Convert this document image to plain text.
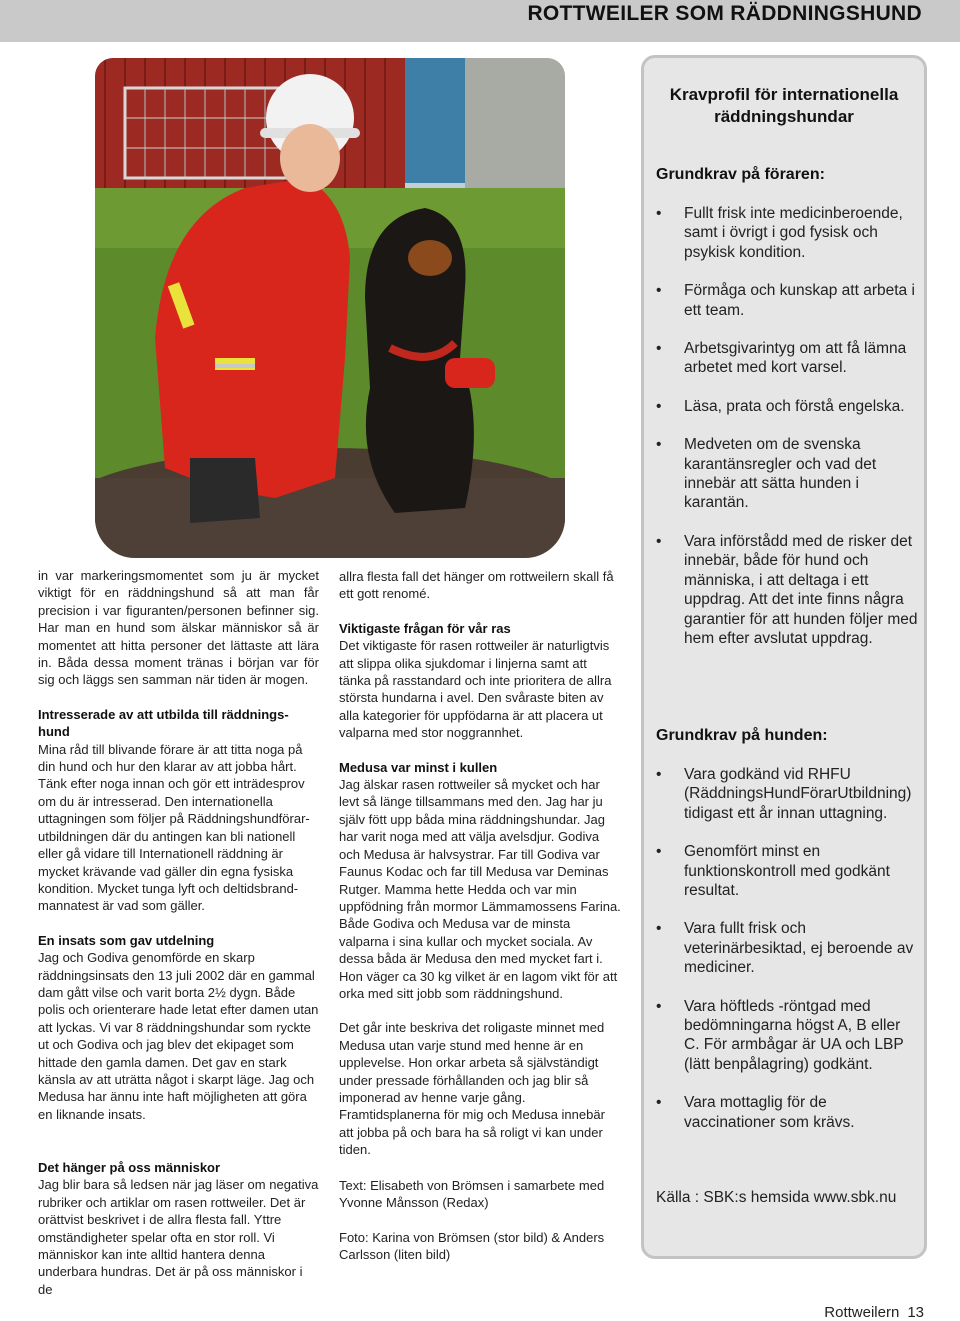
ROTTWEILER SOM RÄDDNINGSHUND

in var markeringsmomentet som ju är mycket viktigt för en räddningshund så att man får precision i var figuranten/personen befinner sig. Har man en hund som älskar människor så är momentet att hitta personer det lättaste att lära in. Båda dessa moment tränas i början var för sig och läggs sen samman när tiden är mogen.

Intresserade av att utbilda till räddnings-hund

Mina råd till blivande förare är att titta noga på din hund och hur den klarar av att jobba hårt. Tänk efter noga innan och gör ett inträdesprov om du är intresserad. Den internationella uttagningen som följer på Räddningshundförar-utbildningen där du antingen kan bli nationell eller gå vidare till Internationell räddning är mycket krävande vad gäller din egna fysiska kondition. Mycket tunga lyft och deltidsbrand-mannatest är vad som gäller.

En insats som gav utdelning

Jag och Godiva genomförde en skarp räddningsinsats den 13 juli 2002 där en gammal dam gått vilse och varit borta 2½ dygn. Både polis och orienterare hade letat efter damen utan att lyckas. Vi var 8 räddningshundar som ryckte ut och Godiva och jag blev det ekipaget som hittade den gamla damen. Det gav en stark känsla av att uträtta något i skarpt läge. Jag och Medusa har ännu inte haft möjligheten att göra en liknande insats.

Det hänger på oss människor
Jag blir bara så ledsen när jag läser om negativa rubriker och artiklar om rasen rottweiler. Det är orättvist beskrivet i de allra flesta fall. Yttre omständigheter spelar ofta en stor roll. Vi människor kan inte alltid hantera denna underbara hundras. Det är på oss människor i de

allra flesta fall det hänger om rottweilern skall få ett gott renomé.

Viktigaste frågan för vår ras

Det viktigaste för rasen rottweiler är naturligtvis att slippa olika sjukdomar i linjerna samt att tänka på rasstandard och inte prioritera de allra största hundarna i avel. Den svåraste biten av alla kategorier för uppfödarna är att placera ut valparna med stor noggrannhet.

Medusa var minst i kullen

Jag älskar rasen rottweiler så mycket och har levt så länge tillsammans med den. Jag har ju själv fött upp båda mina räddningshundar. Jag har varit noga med att välja avelsdjur. Godiva och Medusa är halvsystrar. Far till Godiva var Faunus Kodac och far till Medusa var Deminas Rutger. Mamma hette Hedda och var min uppfödning från mormor Lämmamossens Farina. Både Godiva och Medusa var de minsta valparna i sina kullar och mycket sociala. Av dessa båda är Medusa den med mycket fart i. Hon väger ca 30 kg vilket är en lagom vikt för att orka med sitt jobb som räddningshund.

Det går inte beskriva det roligaste minnet med Medusa utan varje stund med henne är en upplevelse. Hon orkar arbeta så självständigt under pressade förhållanden och jag blir så imponerad av henne varje gång. Framtidsplanerna för mig och Medusa innebär att jobba på och bara ha så roligt vi kan under tiden.

Text: Elisabeth von Brömsen i samarbete med Yvonne Månsson (Redax)

Foto: Karina von Brömsen (stor bild) & Anders Carlsson (liten bild)

Kravprofil för internationella räddningshundar
Grundkrav på föraren:
• Fullt frisk inte medicinberoende, samt i övrigt i god fysisk och psykisk kondition.
• Förmåga och kunskap att arbeta i ett team.
• Arbetsgivarintyg om att få lämna arbetet med kort varsel.
• Läsa, prata och förstå engelska.
• Medveten om de svenska karantänsregler och vad det innebär att sätta hunden i karantän.
• Vara införstådd med de risker det innebär, både för hund och människa, i att deltaga i ett uppdrag. Att det inte finns några garantier för att hunden följer med hem efter avslutat uppdrag.
Grundkrav på hunden:
• Vara godkänd vid RHFU (RäddningsHundFörarUtbildning) tidigast ett år innan uttagning.
• Genomfört minst en funktionskontroll med godkänt resultat.
• Vara fullt frisk och veterinärbesiktad, ej beroende av mediciner.
• Vara höftleds -röntgad med bedömningarna högst A, B eller C. För armbågar är UA och LBP (lätt benpålagring) godkänt.
• Vara mottaglig för de vaccinationer som krävs.
Källa : SBK:s hemsida www.sbk.nu
Rottweilern 13
